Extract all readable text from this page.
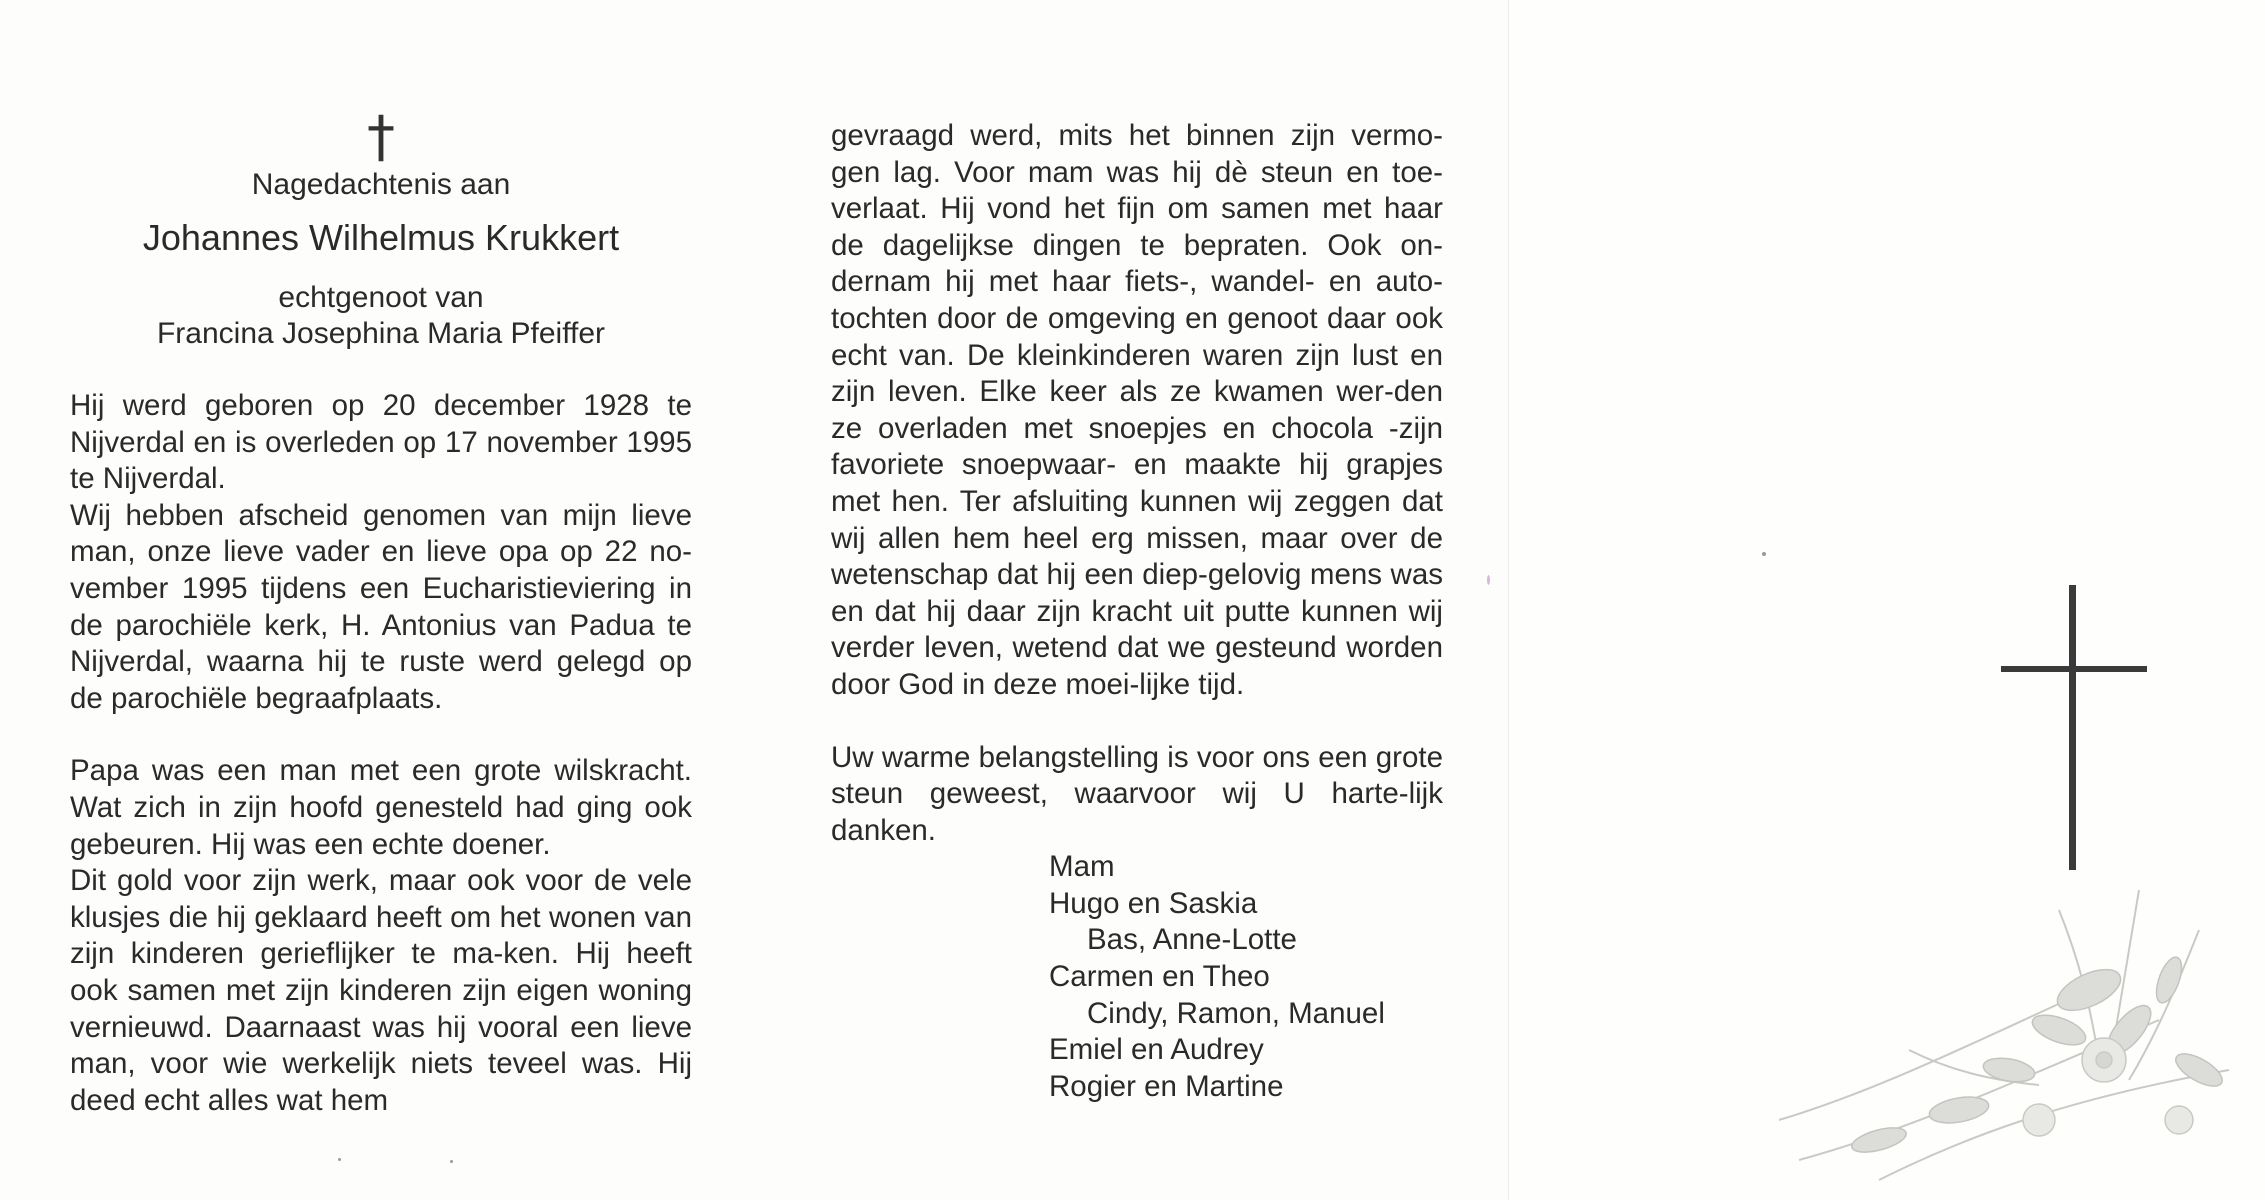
†
Nagedachtenis aan
Johannes Wilhelmus Krukkert
echtgenoot van
Francina Josephina Maria Pfeiffer

Hij werd geboren op 20 december 1928 te Nijverdal en is overleden op 17 november 1995 te Nijverdal.

Wij hebben afscheid genomen van mijn lieve man, onze lieve vader en lieve opa op 22 no-vember 1995 tijdens een Eucharistieviering in de parochiële kerk, H. Antonius van Padua te Nijverdal, waarna hij te ruste werd gelegd op de parochiële begraafplaats.

Papa was een man met een grote wilskracht. Wat zich in zijn hoofd genesteld had ging ook gebeuren. Hij was een echte doener.

Dit gold voor zijn werk, maar ook voor de vele klusjes die hij geklaard heeft om het wonen van zijn kinderen gerieflijker te ma-ken. Hij heeft ook samen met zijn kinderen zijn eigen woning vernieuwd. Daarnaast was hij vooral een lieve man, voor wie werkelijk niets teveel was. Hij deed echt alles wat hem

gevraagd werd, mits het binnen zijn vermo-gen lag. Voor mam was hij dè steun en toe-verlaat. Hij vond het fijn om samen met haar de dagelijkse dingen te bepraten. Ook on-dernam hij met haar fiets-, wandel- en auto-tochten door de omgeving en genoot daar ook echt van. De kleinkinderen waren zijn lust en zijn leven. Elke keer als ze kwamen wer-den ze overladen met snoepjes en chocola -zijn favoriete snoepwaar- en maakte hij grapjes met hen. Ter afsluiting kunnen wij zeggen dat wij allen hem heel erg missen, maar over de wetenschap dat hij een diep-gelovig mens was en dat hij daar zijn kracht uit putte kunnen wij verder leven, wetend dat we gesteund worden door God in deze moei-lijke tijd.

Uw warme belangstelling is voor ons een grote steun geweest, waarvoor wij U harte-lijk danken.

Mam
Hugo en Saskia
Bas, Anne-Lotte
Carmen en Theo
Cindy, Ramon, Manuel
Emiel en Audrey
Rogier en Martine
